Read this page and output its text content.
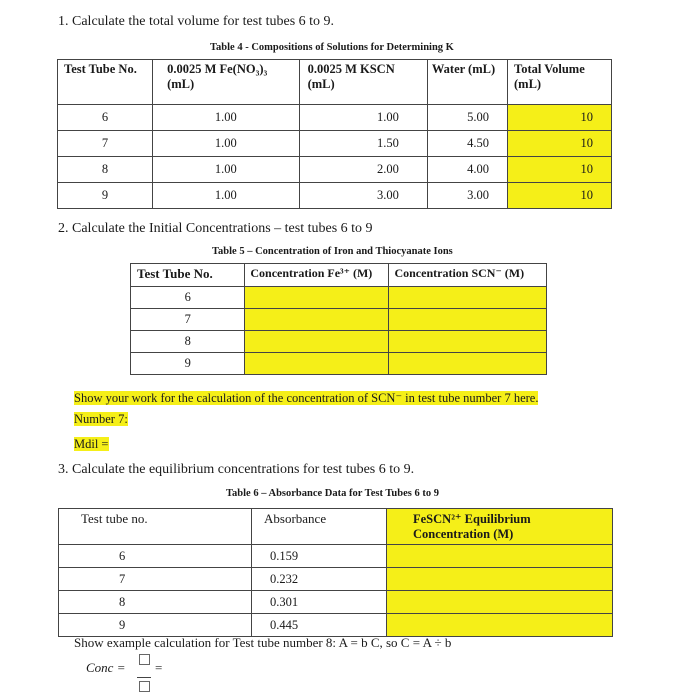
1. Calculate the total volume for test tubes 6 to 9.
Table 4 - Compositions of Solutions for Determining K
Test Tube No.	0.0025 M Fe(NO₃)₃ (mL)	0.0025 M KSCN (mL)	Water (mL)	Total Volume (mL)
6	1.00	1.00	5.00	10
7	1.00	1.50	4.50	10
8	1.00	2.00	4.00	10
9	1.00	3.00	3.00	10
2. Calculate the Initial Concentrations – test tubes 6 to 9
Table 5 – Concentration of Iron and Thiocyanate Ions
Test Tube No.	Concentration Fe³⁺ (M)	Concentration SCN⁻ (M)
6		
7		
8		
9		
Show your work for the calculation of the concentration of SCN⁻ in test tube number 7 here.
Number 7:
Mdil =
3. Calculate the equilibrium concentrations for test tubes 6 to 9.
Table 6 – Absorbance Data for Test Tubes 6 to 9
Test tube no.	Absorbance	FeSCN²⁺ Equilibrium Concentration (M)
6	0.159	
7	0.232	
8	0.301	
9	0.445	
Show example calculation for Test tube number 8: A = b C, so C = A ÷ b
Conc = =
